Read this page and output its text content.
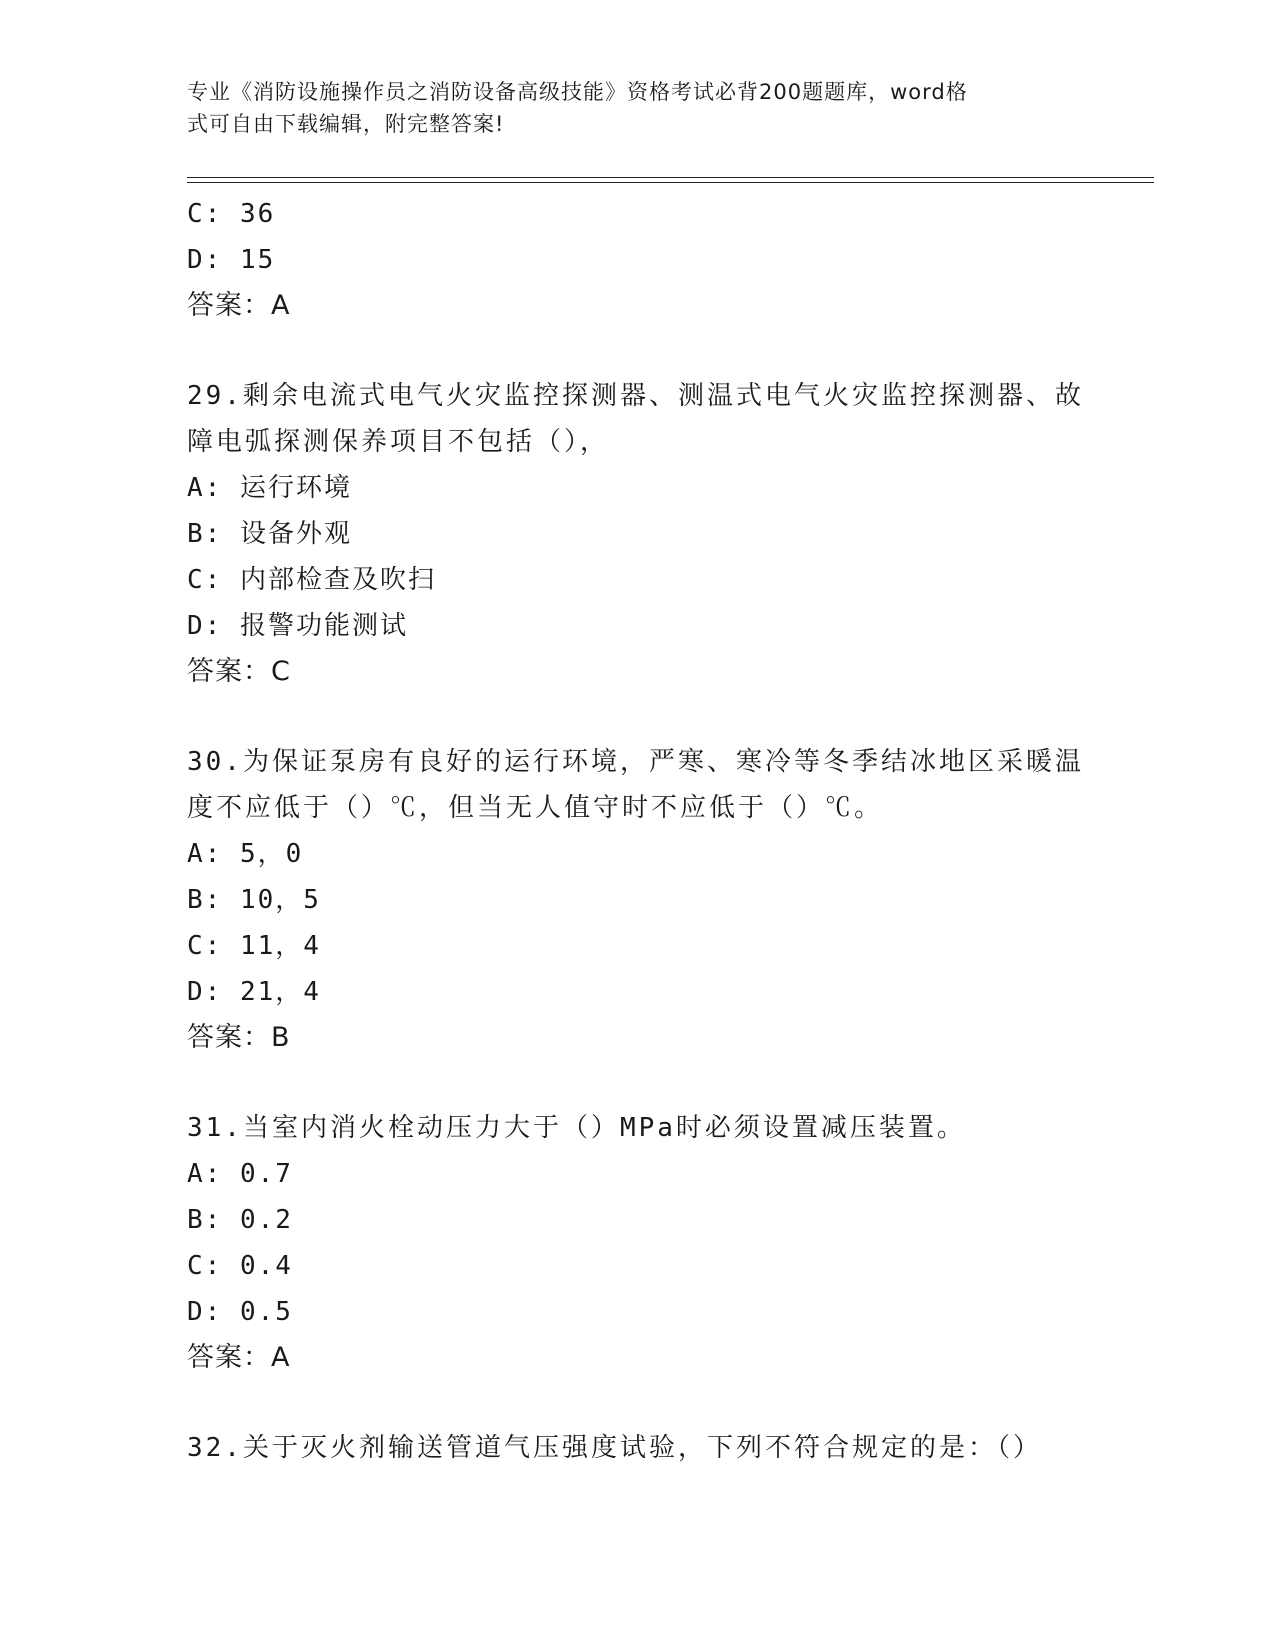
专业《消防设施操作员之消防设备高级技能》资格考试必背200题题库，word格
式可自由下载编辑，附完整答案!
C: 36
D: 15
答案：A
29.剩余电流式电气火灾监控探测器、测温式电气火灾监控探测器、故
障电弧探测保养项目不包括（），
A: 运行环境
B: 设备外观
C: 内部检查及吹扫
D: 报警功能测试
答案：C
30.为保证泵房有良好的运行环境，严寒、寒冷等冬季结冰地区采暖温
度不应低于（）℃，但当无人值守时不应低于（）℃。
A: 5，0
B: 10，5
C: 11，4
D: 21，4
答案：B
31.当室内消火栓动压力大于（）MPa时必须设置减压装置。
A: 0.7
B: 0.2
C: 0.4
D: 0.5
答案：A
32.关于灭火剂输送管道气压强度试验，下列不符合规定的是：（）
